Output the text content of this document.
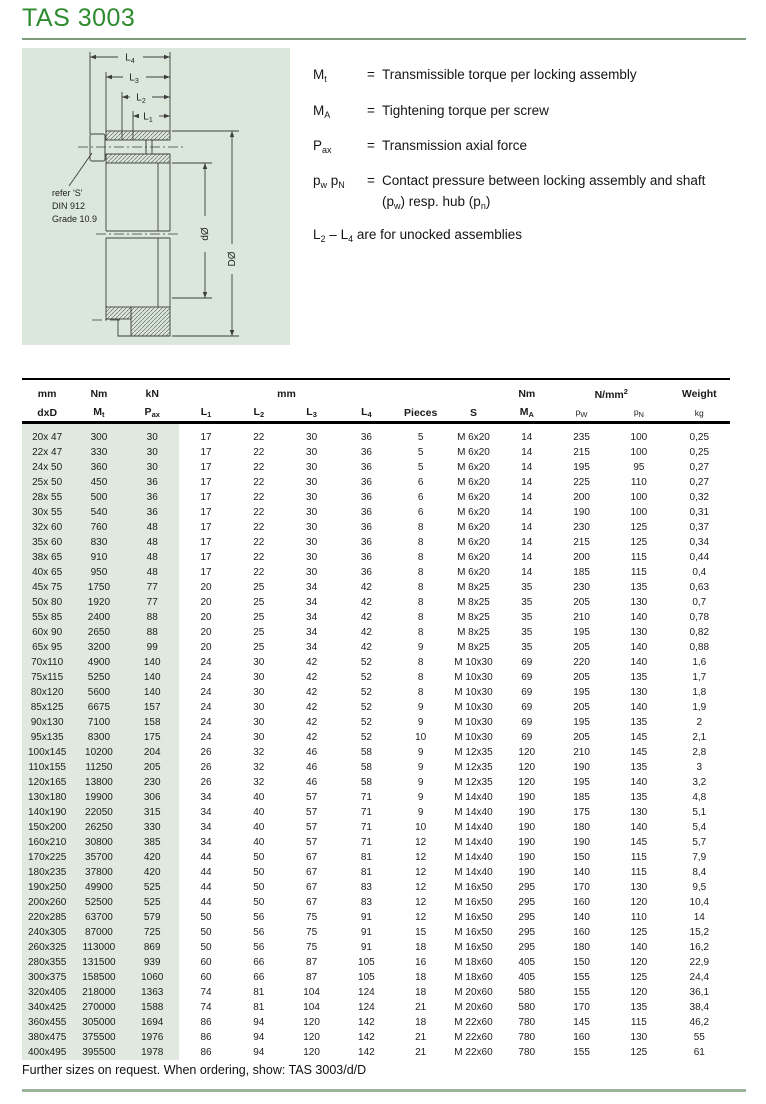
TAS 3003
$L_4$
$L_3$
$L_2$
$L_1$
dØ
DØ
refer 'S'
DIN 912
Grade 10.9
$M_t$	= Transmissible torque per locking assembly
$M_A$	= Tightening torque per screw
$P_{ax}$	= Transmission axial force
$p_w$ $p_N$	= Contact pressure between locking assembly and shaft
$(p_w)$ resp. hub $(p_n)$
$L_2 - L_4$ are for unocked assemblies
mm	Nm	kN	mm						Nm	$N/mm^2$		Weight
dxD	Mt	Pax	L1	L2	L3	L4	Pieces	S	MA	pW	pN	kg
20x 47	300	30	17	22	30	36	5	M 6x20	14	235	100	0,25
22x 47	330	30	17	22	30	36	5	M 6x20	14	215	100	0,25
24x 50	360	30	17	22	30	36	5	M 6x20	14	195	95	0,27
25x 50	450	36	17	22	30	36	6	M 6x20	14	225	110	0,27
28x 55	500	36	17	22	30	36	6	M 6x20	14	200	100	0,32
30x 55	540	36	17	22	30	36	6	M 6x20	14	190	100	0,31
32x 60	760	48	17	22	30	36	8	M 6x20	14	230	125	0,37
35x 60	830	48	17	22	30	36	8	M 6x20	14	215	125	0,34
38x 65	910	48	17	22	30	36	8	M 6x20	14	200	115	0,44
40x 65	950	48	17	22	30	36	8	M 6x20	14	185	115	0,4
45x 75	1750	77	20	25	34	42	8	M 8x25	35	230	135	0,63
50x 80	1920	77	20	25	34	42	8	M 8x25	35	205	130	0,7
55x 85	2400	88	20	25	34	42	8	M 8x25	35	210	140	0,78
60x 90	2650	88	20	25	34	42	8	M 8x25	35	195	130	0,82
65x 95	3200	99	20	25	34	42	9	M 8x25	35	205	140	0,88
70x110	4900	140	24	30	42	52	8	M 10x30	69	220	140	1,6
75x115	5250	140	24	30	42	52	8	M 10x30	69	205	135	1,7
80x120	5600	140	24	30	42	52	8	M 10x30	69	195	130	1,8
85x125	6675	157	24	30	42	52	9	M 10x30	69	205	140	1,9
90x130	7100	158	24	30	42	52	9	M 10x30	69	195	135	2
95x135	8300	175	24	30	42	52	10	M 10x30	69	205	145	2,1
100x145	10200	204	26	32	46	58	9	M 12x35	120	210	145	2,8
110x155	11250	205	26	32	46	58	9	M 12x35	120	190	135	3
120x165	13800	230	26	32	46	58	9	M 12x35	120	195	140	3,2
130x180	19900	306	34	40	57	71	9	M 14x40	190	185	135	4,8
140x190	22050	315	34	40	57	71	9	M 14x40	190	175	130	5,1
150x200	26250	330	34	40	57	71	10	M 14x40	190	180	140	5,4
160x210	30800	385	34	40	57	71	12	M 14x40	190	190	145	5,7
170x225	35700	420	44	50	67	81	12	M 14x40	190	150	115	7,9
180x235	37800	420	44	50	67	81	12	M 14x40	190	140	115	8,4
190x250	49900	525	44	50	67	83	12	M 16x50	295	170	130	9,5
200x260	52500	525	44	50	67	83	12	M 16x50	295	160	120	10,4
220x285	63700	579	50	56	75	91	12	M 16x50	295	140	110	14
240x305	87000	725	50	56	75	91	15	M 16x50	295	160	125	15,2
260x325	113000	869	50	56	75	91	18	M 16x50	295	180	140	16,2
280x355	131500	939	60	66	87	105	16	M 18x60	405	150	120	22,9
300x375	158500	1060	60	66	87	105	18	M 18x60	405	155	125	24,4
320x405	218000	1363	74	81	104	124	18	M 20x60	580	155	120	36,1
340x425	270000	1588	74	81	104	124	21	M 20x60	580	170	135	38,4
360x455	305000	1694	86	94	120	142	18	M 22x60	780	145	115	46,2
380x475	375500	1976	86	94	120	142	21	M 22x60	780	160	130	55
400x495	395500	1978	86	94	120	142	21	M 22x60	780	155	125	61
Further sizes on request. When ordering, show: TAS 3003/d/D
